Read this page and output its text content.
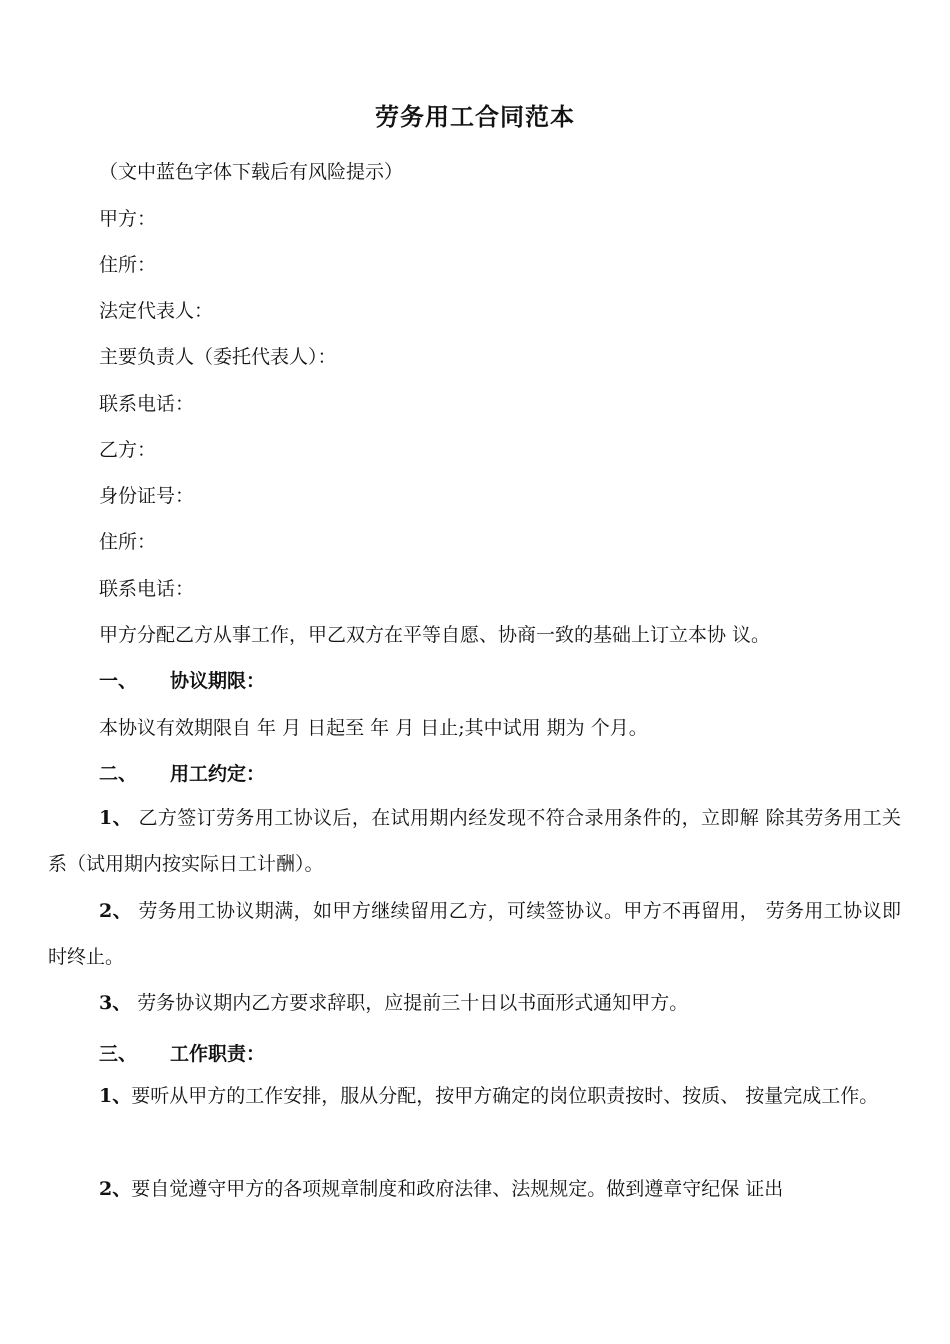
劳务用工合同范本
（文中蓝色字体下载后有风险提示）
甲方：
住所：
法定代表人：
主要负责人（委托代表人）：
联系电话：
乙方：
身份证号：
住所：
联系电话：
甲方分配乙方从事工作，甲乙双方在平等自愿、协商一致的基础上订立本协 议。
一、 协议期限：
本协议有效期限自 年 月 日起至 年 月 日止;其中试用 期为 个月。
二、 用工约定：
1、 乙方签订劳务用工协议后，在试用期内经发现不符合录用条件的，立即解 除其劳务用工关系（试用期内按实际日工计酬）。
2、 劳务用工协议期满，如甲方继续留用乙方，可续签协议。甲方不再留用， 劳务用工协议即时终止。
3、 劳务协议期内乙方要求辞职，应提前三十日以书面形式通知甲方。
三、 工作职责：
1、要听从甲方的工作安排，服从分配，按甲方确定的岗位职责按时、按质、 按量完成工作。
2、要自觉遵守甲方的各项规章制度和政府法律、法规规定。做到遵章守纪保 证出
